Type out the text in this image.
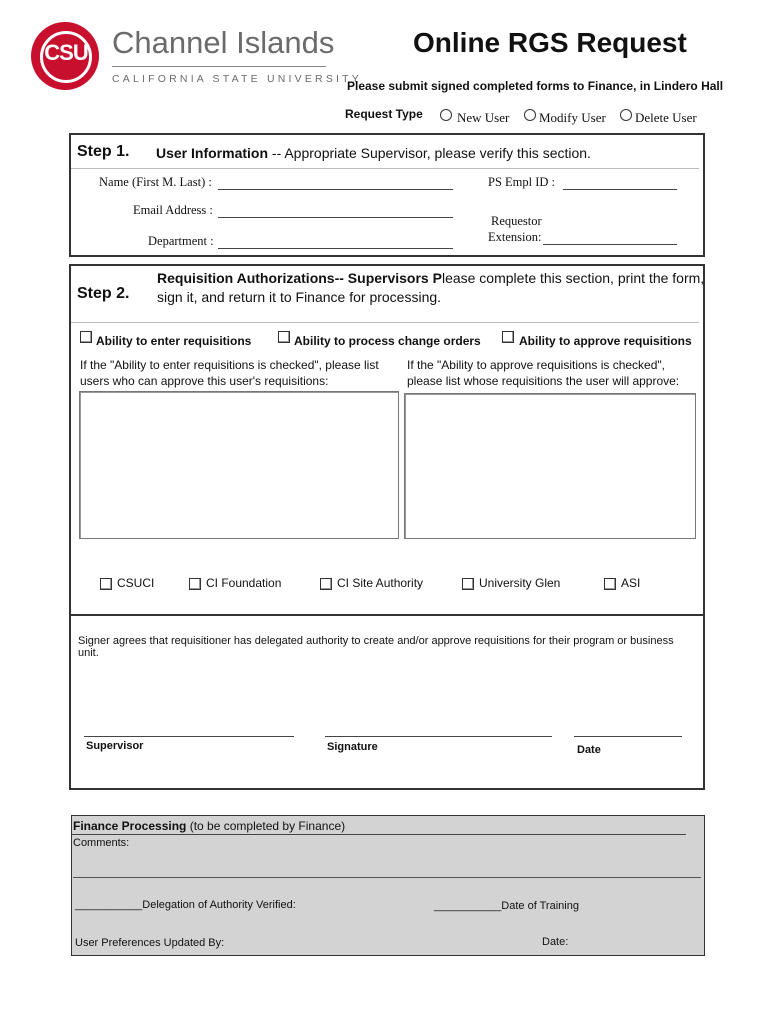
CSU Channel Islands
CALIFORNIA STATE UNIVERSITY
Online RGS Request
Please submit signed completed forms to Finance, in Lindero Hall
Request Type	New User Modify User Delete User
Step 1. User Information -- Appropriate Supervisor, please verify this section.
Name (First M. Last) :
Email Address :
Department :
PS Empl ID :
Requestor
Extension:
Step 2.
Requisition Authorizations-- Supervisors Please complete this section, print the form,
sign it, and return it to Finance for processing.
Ability to enter requisitions	Ability to process change orders	Ability to approve requisitions
If the "Ability to enter requisitions is checked", please list users who can approve this user's requisitions:
If the "Ability to approve requisitions is checked", please list whose requisitions the user will approve:
CSUCI	CI Foundation	CI Site Authority	University Glen	ASI
Signer agrees that requisitioner has delegated authority to create and/or approve requisitions for their program or business unit.
Supervisor	Signature	Date
Finance Processing (to be completed by Finance)
Comments:
___________Delegation of Authority Verified:	___________Date of Training
User Preferences Updated By:	Date:
